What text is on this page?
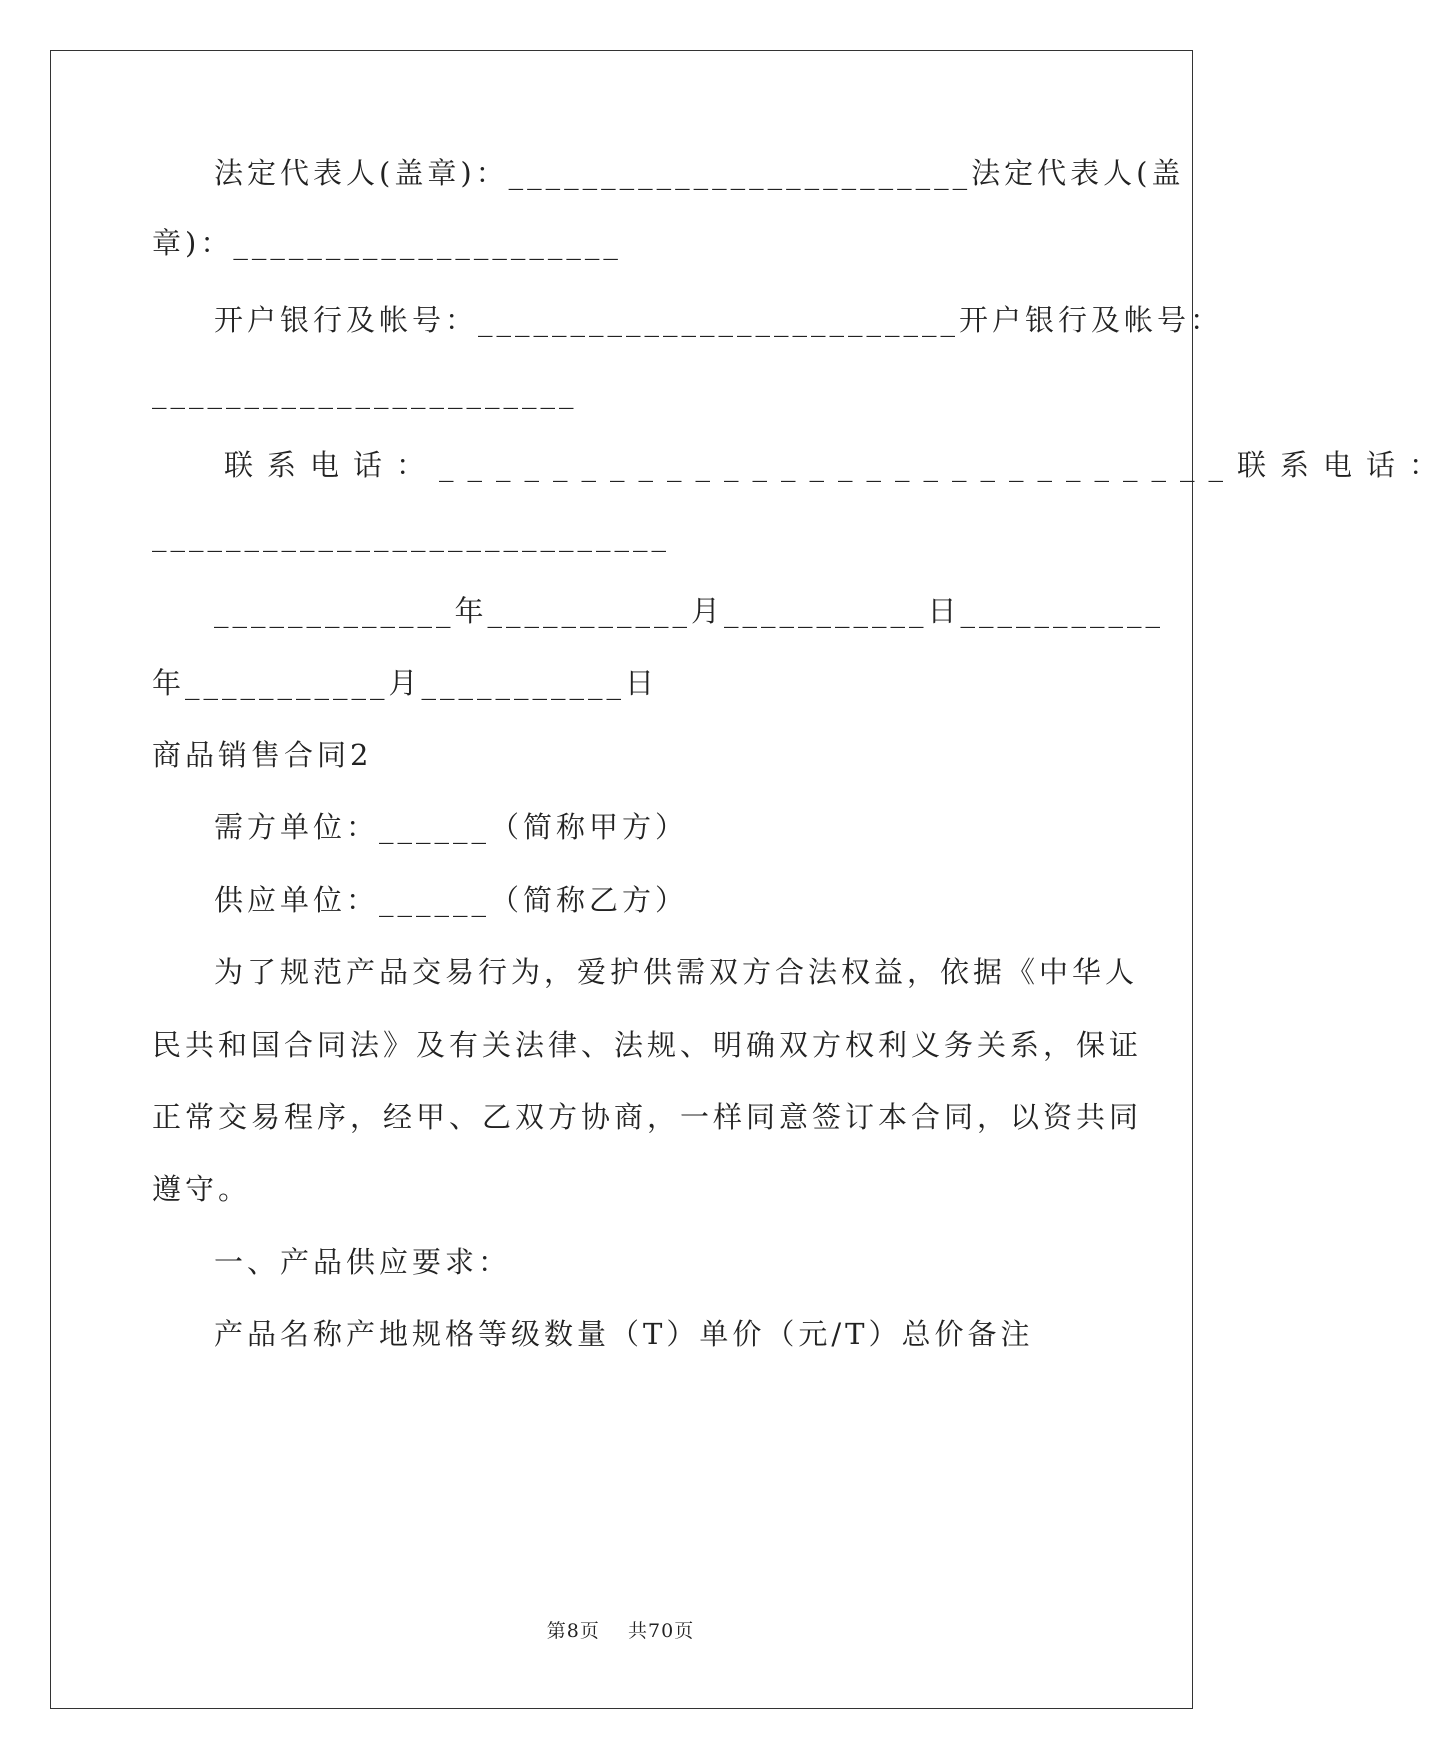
法定代表人(盖章)：_________________________法定代表人(盖
章)：_____________________
开户银行及帐号：__________________________开户银行及帐号：
_______________________
联系电话：____________________________联系电话：
____________________________
_____________年___________月___________日___________
年___________月___________日
商品销售合同2
需方单位：______（简称甲方）
供应单位：______（简称乙方）
为了规范产品交易行为，爱护供需双方合法权益，依据《中华人
民共和国合同法》及有关法律、法规、明确双方权利义务关系，保证
正常交易程序，经甲、乙双方协商，一样同意签订本合同，以资共同
遵守。
一、产品供应要求：
产品名称产地规格等级数量（T）单价（元/T）总价备注
第8页    共70页
